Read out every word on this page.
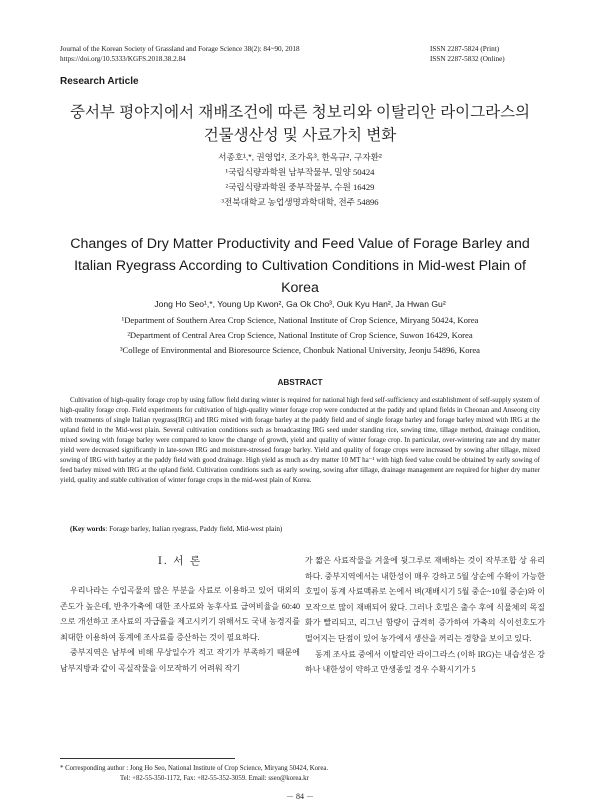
Journal of the Korean Society of Grassland and Forage Science 38(2): 84~90, 2018
https://doi.org/10.5333/KGFS.2018.38.2.84
ISSN 2287-5824 (Print)
ISSN 2287-5832 (Online)
Research Article
중서부 평야지에서 재배조건에 따른 청보리와 이탈리안 라이그라스의
건물생산성 및 사료가치 변화
서종호¹,*, 권영업², 조가옥³, 한옥규², 구자환²
¹국립식량과학원 남부작물부, 밀양 50424
²국립식량과학원 중부작물부, 수원 16429
³전북대학교 농업생명과학대학, 전주 54896
Changes of Dry Matter Productivity and Feed Value of Forage Barley and
Italian Ryegrass According to Cultivation Conditions in Mid-west Plain of
Korea
Jong Ho Seo¹,*, Young Up Kwon², Ga Ok Cho³, Ouk Kyu Han², Ja Hwan Gu²
¹Department of Southern Area Crop Science, National Institute of Crop Science, Miryang 50424, Korea
²Department of Central Area Crop Science, National Institute of Crop Science, Suwon 16429, Korea
³College of Environmental and Bioresource Science, Chonbuk National University, Jeonju 54896, Korea
ABSTRACT

Cultivation of high-quality forage crop by using fallow field during winter is required for national high feed self-sufficiency and establishment of self-supply system of high-quality forage crop. Field experiments for cultivation of high-quality winter forage crop were conducted at the paddy and upland fields in Cheonan and Anseong city with treatments of single Italian ryegrass(IRG) and IRG mixed with forage barley at the paddy field and of single forage barley and forage barley mixed with IRG at the upland field in the Mid-west plain. Several cultivation conditions such as broadcasting IRG seed under standing rice, sowing time, tillage method, drainage condition, mixed sowing with forage barley were compared to know the change of growth, yield and quality of winter forage crop. In particular, over-wintering rate and dry matter yield were decreased significantly in late-sown IRG and moisture-stressed forage barley. Yield and quality of forage crops were increased by sowing after tillage, mixed sowing of IRG with barley at the paddy field with good drainage. High yield as much as dry matter 10 MT ha⁻¹ with high feed value could be obtained by early sowing of feed barley mixed with IRG at the upland field. Cultivation conditions such as early sowing, sowing after tillage, drainage management are required for higher dry matter yield, quality and stable cultivation of winter forage crops in the mid-west plain of Korea.

(Key words: Forage barley, Italian ryegrass, Paddy field, Mid-west plain)
Ⅰ. 서 론

우리나라는 수입곡물의 많은 부분을 사료로 이용하고 있어 대외의존도가 높은데, 반추가축에 대한 조사료와 농후사료 급여비율을 60:40으로 개선하고 조사료의 자급률을 제고시키기 위해서도 국내 농경지를 최대한 이용하여 동계에 조사료를 증산하는 것이 필요하다.

중부지역은 남부에 비해 무상일수가 적고 작기가 부족하기 때문에 남부지방과 같이 곡실작물을 이모작하기 어려워 작기

가 짧은 사료작물을 겨울에 뒷그루로 재배하는 것이 작부조합 상 유리하다. 중부지역에서는 내한성이 매우 강하고 5월 상순에 수확이 가능한 호밀이 동계 사료맥류로 논에서 벼(재배시기 5월 중순~10월 중순)와 이모작으로 많이 재배되어 왔다. 그러나 호밀은 출수 후에 식물체의 목질화가 빨리되고, 리그닌 함량이 급격히 증가하여 가축의 식이선호도가 떨어지는 단점이 있어 농가에서 생산을 꺼리는 경향을 보이고 있다.

동계 조사료 중에서 이탈리안 라이그라스 (이하 IRG)는 내습성은 강하나 내한성이 약하고 만생종일 경우 수확시기가 5

* Corresponding author : Jong Ho Seo, National Institute of Crop Science, Miryang 50424, Korea.
Tel: +82-55-350-1172, Fax: +82-55-352-3059. Email: sseo@korea.kr
－ 84 －
